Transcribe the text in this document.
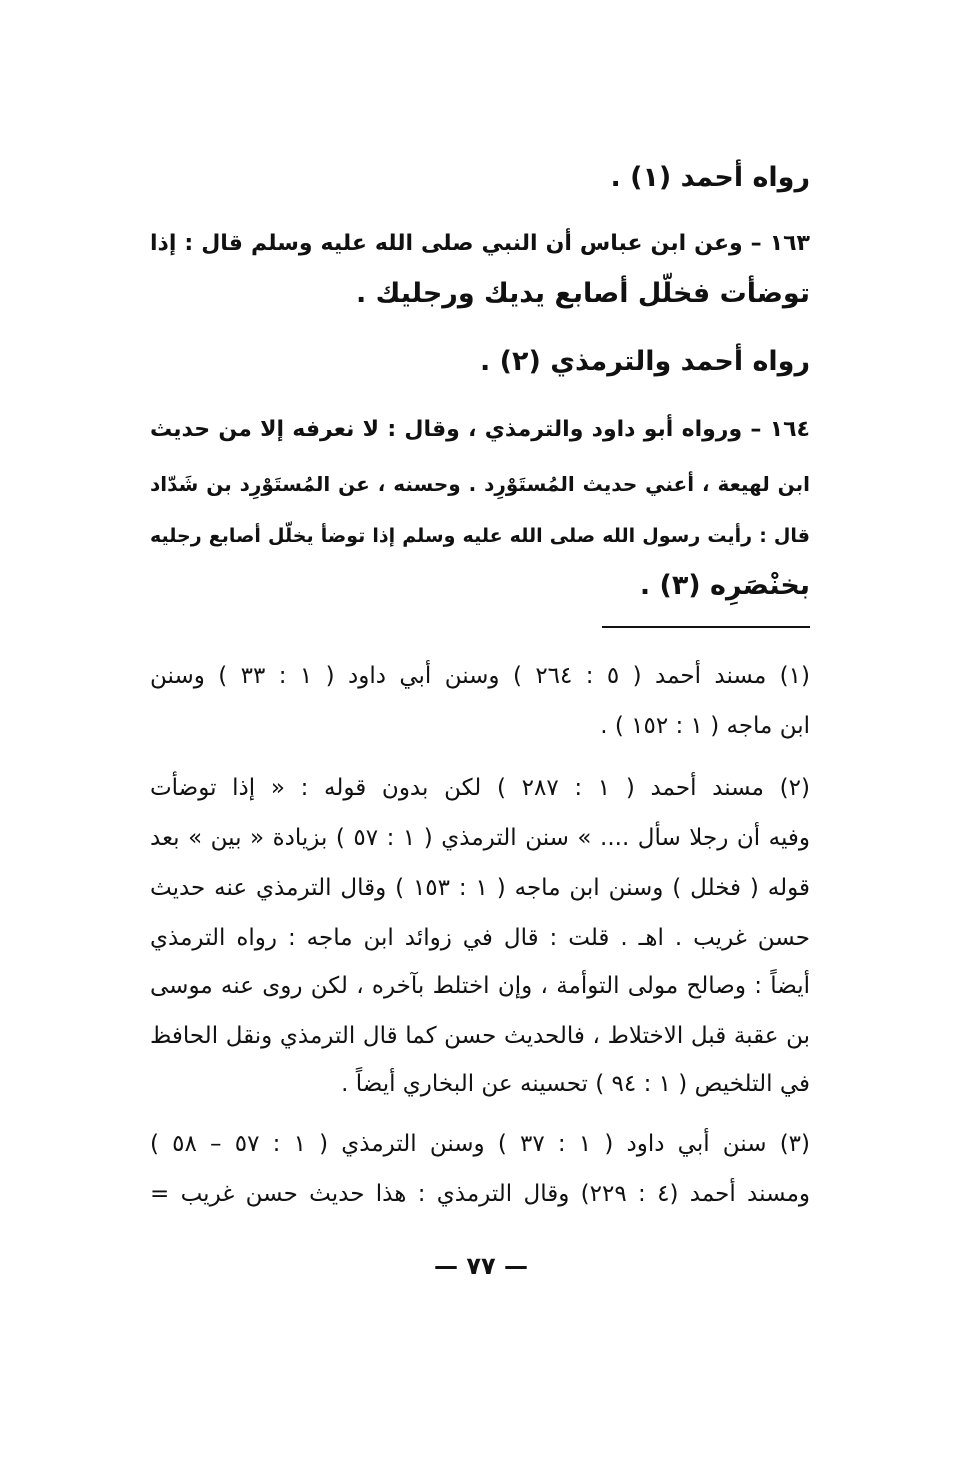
رواه أحمد (١) .
١٦٣ – وعن ابن عباس أن النبي صلى الله عليه وسلم قال : إذا
توضأت فخلّل أصابع يديك ورجليك .
رواه أحمد والترمذي (٢) .
١٦٤ – ورواه أبو داود والترمذي ، وقال : لا نعرفه إلا من حديث
ابن لهيعة ، أعني حديث المُستَوْرِد . وحسنه ، عن المُستَوْرِد بن شَدّاد
قال : رأيت رسول الله صلى الله عليه وسلم إذا توضأ يخلّل أصابع رجليه
بخنْصَرِه (٣) .
(١) مسند أحمد ( ٥ : ٢٦٤ ) وسنن أبي داود ( ١ : ٣٣ ) وسنن
ابن ماجه ( ١ : ١٥٢ ) .
(٢) مسند أحمد ( ١ : ٢٨٧ ) لكن بدون قوله : « إذا توضأت
وفيه أن رجلا سأل .... » سنن الترمذي ( ١ : ٥٧ ) بزيادة « بين » بعد
قوله ( فخلل ) وسنن ابن ماجه ( ١ : ١٥٣ ) وقال الترمذي عنه حديث
حسن غريب . اهـ . قلت : قال في زوائد ابن ماجه : رواه الترمذي
أيضاً : وصالح مولى التوأمة ، وإن اختلط بآخره ، لكن روى عنه موسى
بن عقبة قبل الاختلاط ، فالحديث حسن كما قال الترمذي ونقل الحافظ
في التلخيص ( ١ : ٩٤ ) تحسينه عن البخاري أيضاً .
(٣) سنن أبي داود ( ١ : ٣٧ ) وسنن الترمذي ( ١ : ٥٧ – ٥٨ )
ومسند أحمد (٤ : ٢٢٩) وقال الترمذي : هذا حديث حسن غريب =
— ٧٧ —
